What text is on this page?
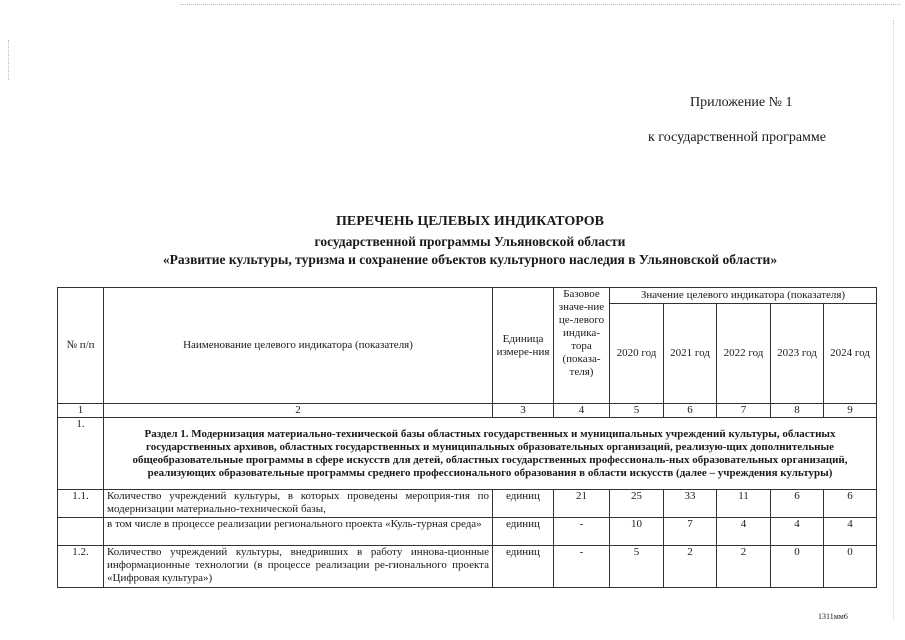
Приложение № 1
к государственной программе
ПЕРЕЧЕНЬ ЦЕЛЕВЫХ ИНДИКАТОРОВ
государственной программы Ульяновской области
«Развитие культуры, туризма и сохранение объектов культурного наследия в Ульяновской области»
№ п/п	Наименование целевого индикатора (показателя)	Единица измере-ния	Базовое значе-ние це-левого индика-тора (показа-теля)	Значение целевого индикатора (показателя)				
				2020 год	2021 год	2022 год	2023 год	2024 год
1	2	3	4	5	6	7	8	9
1.	Раздел 1. Модернизация материально-технической базы областных государственных и муниципальных учреждений культуры, областных государственных архивов, областных государственных и муниципальных образовательных организаций, реализую-щих дополнительные общеобразовательные программы в сфере искусств для детей, областных государственных профессиональ-ных образовательных организаций, реализующих образовательные программы среднего профессионального образования в области искусств (далее – учреждения культуры)							
1.1.	Количество учреждений культуры, в которых проведены мероприя-тия по модернизации материально-технической базы,	единиц	21	25	33	11	6	6
	в том числе в процессе реализации регионального проекта «Куль-турная среда»	единиц	-	10	7	4	4	4
1.2.	Количество учреждений культуры, внедривших в работу иннова-ционные информационные технологии (в процессе реализации ре-гионального проекта «Цифровая культура»)	единиц	-	5	2	2	0	0
1311мм6
